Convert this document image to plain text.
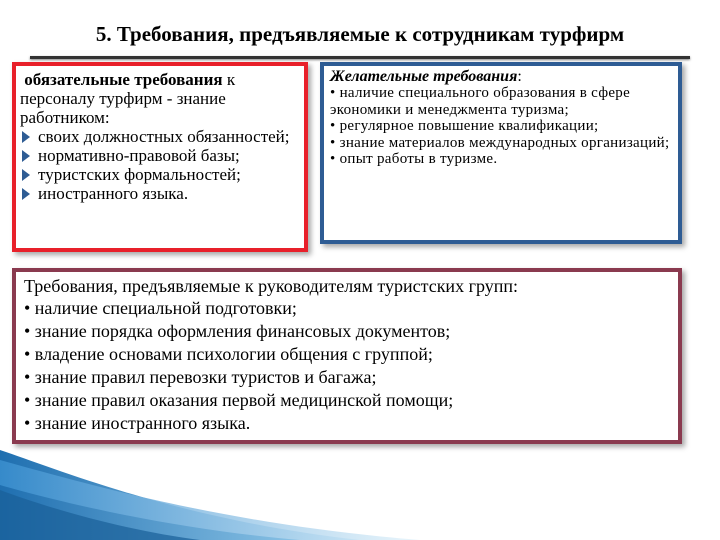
5. Требования, предъявляемые к сотрудникам турфирм

обязательные требования к персоналу турфирм - знание работником:

своих должностных обязанностей;
нормативно-правовой базы;
туристских формальностей;
иностранного языка.

Желательные требования:

• наличие специального образования в сфере экономики и менеджмента туризма;
• регулярное повышение квалификации;
• знание материалов международных организаций;
• опыт работы в туризме.

Требования, предъявляемые к руководителям туристских групп:

• наличие специальной подготовки;
• знание порядка оформления финансовых документов;
• владение основами психологии общения с группой;
• знание правил перевозки туристов и багажа;
• знание правил оказания первой медицинской помощи;
• знание иностранного языка.
